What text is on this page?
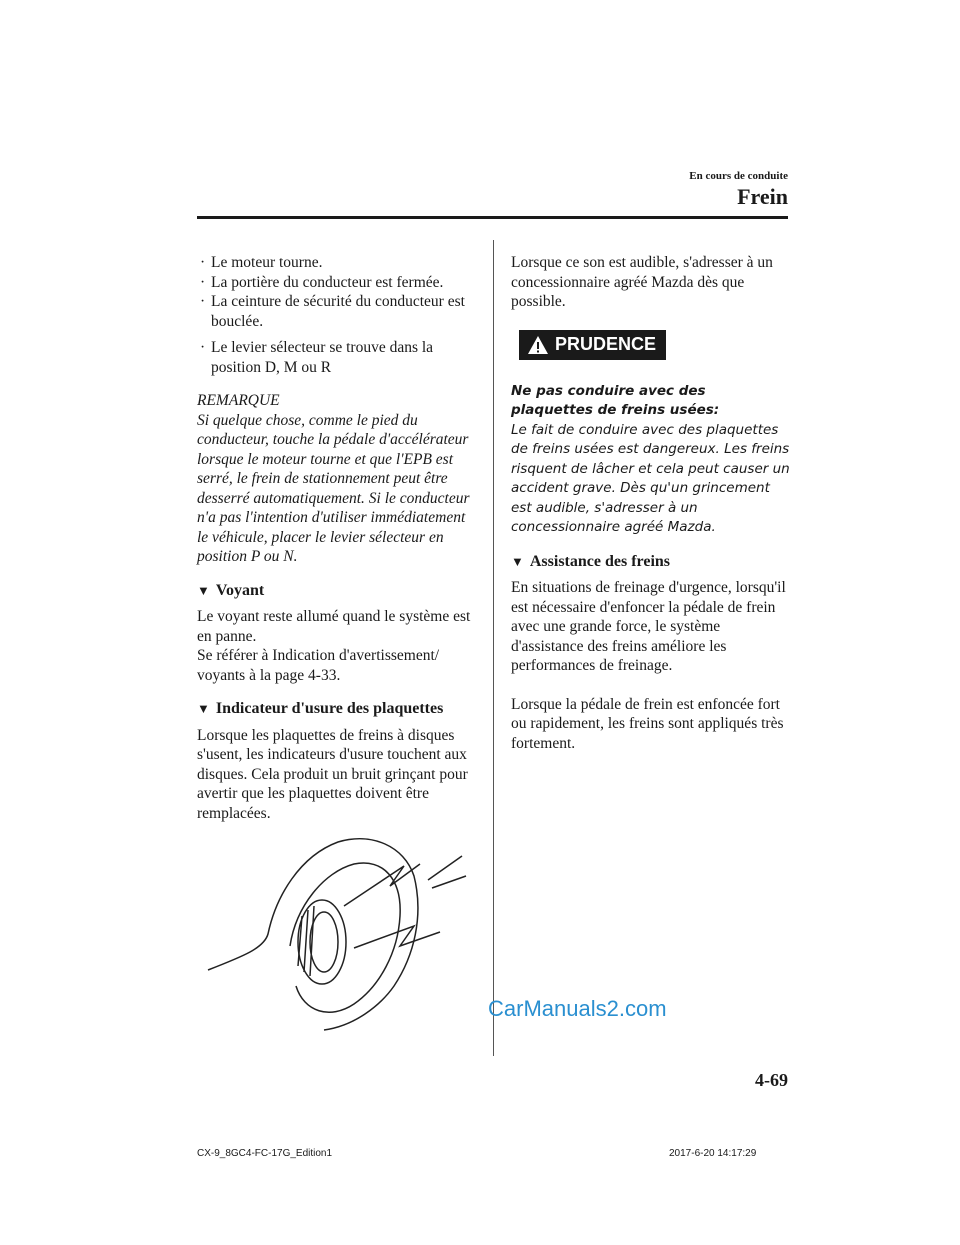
En cours de conduite
Frein

· Le moteur tourne.

· La portière du conducteur est fermée.

· La ceinture de sécurité du conducteur est bouclée.

· Le levier sélecteur se trouve dans la position D, M ou R

REMARQUE

Si quelque chose, comme le pied du conducteur, touche la pédale d'accélérateur lorsque le moteur tourne et que l'EPB est serré, le frein de stationnement peut être desserré automatiquement. Si le conducteur n'a pas l'intention d'utiliser immédiatement le véhicule, placer le levier sélecteur en position P ou N.

▼ Voyant

Le voyant reste allumé quand le système est en panne.

Se référer à Indication d'avertissement/ voyants à la page 4-33.

▼ Indicateur d'usure des plaquettes

Lorsque les plaquettes de freins à disques s'usent, les indicateurs d'usure touchent aux disques. Cela produit un bruit grinçant pour avertir que les plaquettes doivent être remplacées.

Lorsque ce son est audible, s'adresser à un concessionnaire agréé Mazda dès que possible.

PRUDENCE

Ne pas conduire avec des plaquettes de freins usées:

Le fait de conduire avec des plaquettes de freins usées est dangereux. Les freins risquent de lâcher et cela peut causer un accident grave. Dès qu'un grincement est audible, s'adresser à un concessionnaire agréé Mazda.

▼ Assistance des freins

En situations de freinage d'urgence, lorsqu'il est nécessaire d'enfoncer la pédale de frein avec une grande force, le système d'assistance des freins améliore les performances de freinage.

Lorsque la pédale de frein est enfoncée fort ou rapidement, les freins sont appliqués très fortement.

CarManuals2.com
4-69
CX-9_8GC4-FC-17G_Edition1	2017-6-20 14:17:29
